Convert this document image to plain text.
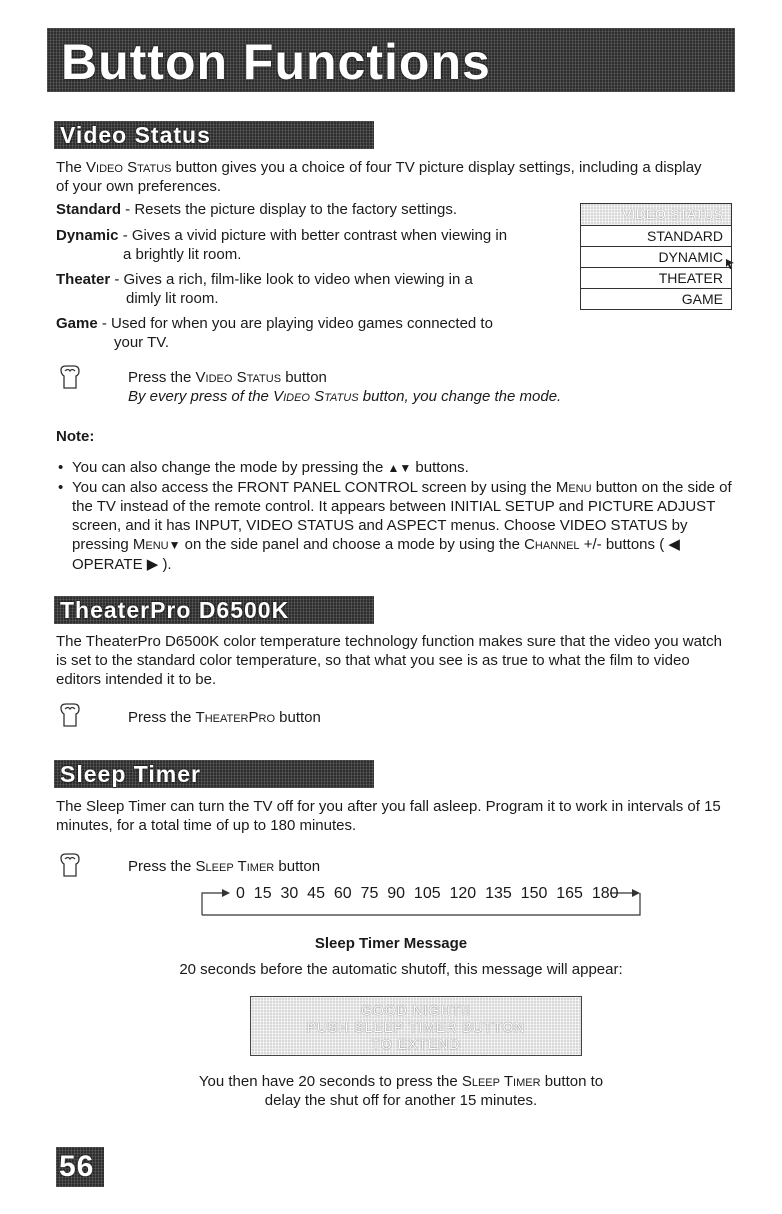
Button Functions
Video Status
The Video Status button gives you a choice of four TV picture display settings, including a display of your own preferences.
Standard - Resets the picture display to the factory settings.
Dynamic - Gives a vivid picture with better contrast when viewing in
a brightly lit room.
Theater - Gives a rich, film-like look to video when viewing in a
dimly lit room.
Game - Used for when you are playing video games connected to
your TV.
VIDEO STATUS
STANDARD
DYNAMIC
THEATER
GAME
Press the Video Status button
By every press of the Video Status button, you change the mode.
Note:
• You can also change the mode by pressing the ▲▼ buttons.
• You can also access the FRONT PANEL CONTROL screen by using the Menu button on the side of the TV instead of the remote control. It appears between INITIAL SETUP and PICTURE ADJUST screen, and it has INPUT, VIDEO STATUS and ASPECT menus. Choose VIDEO STATUS by pressing Menu▼ on the side panel and choose a mode by using the Channel +/- buttons ( ◀ OPERATE ▶ ).
TheaterPro D6500K
The TheaterPro D6500K color temperature technology function makes sure that the video you watch is set to the standard color temperature, so that what you see is as true to what the film to video editors intended it to be.
Press the TheaterPro button
Sleep Timer
The Sleep Timer can turn the TV off for you after you fall asleep. Program it to work in intervals of 15 minutes, for a total time of up to 180 minutes.
Press the Sleep Timer button
0  15  30  45  60  75  90  105  120  135  150  165  180
Sleep Timer Message
20 seconds before the automatic shutoff, this message will appear:
GOOD NIGHT!!
PUSH SLEEP TIMER BUTTON
TO EXTEND
You then have 20 seconds to press the Sleep Timer button to
delay the shut off for another 15 minutes.
56
